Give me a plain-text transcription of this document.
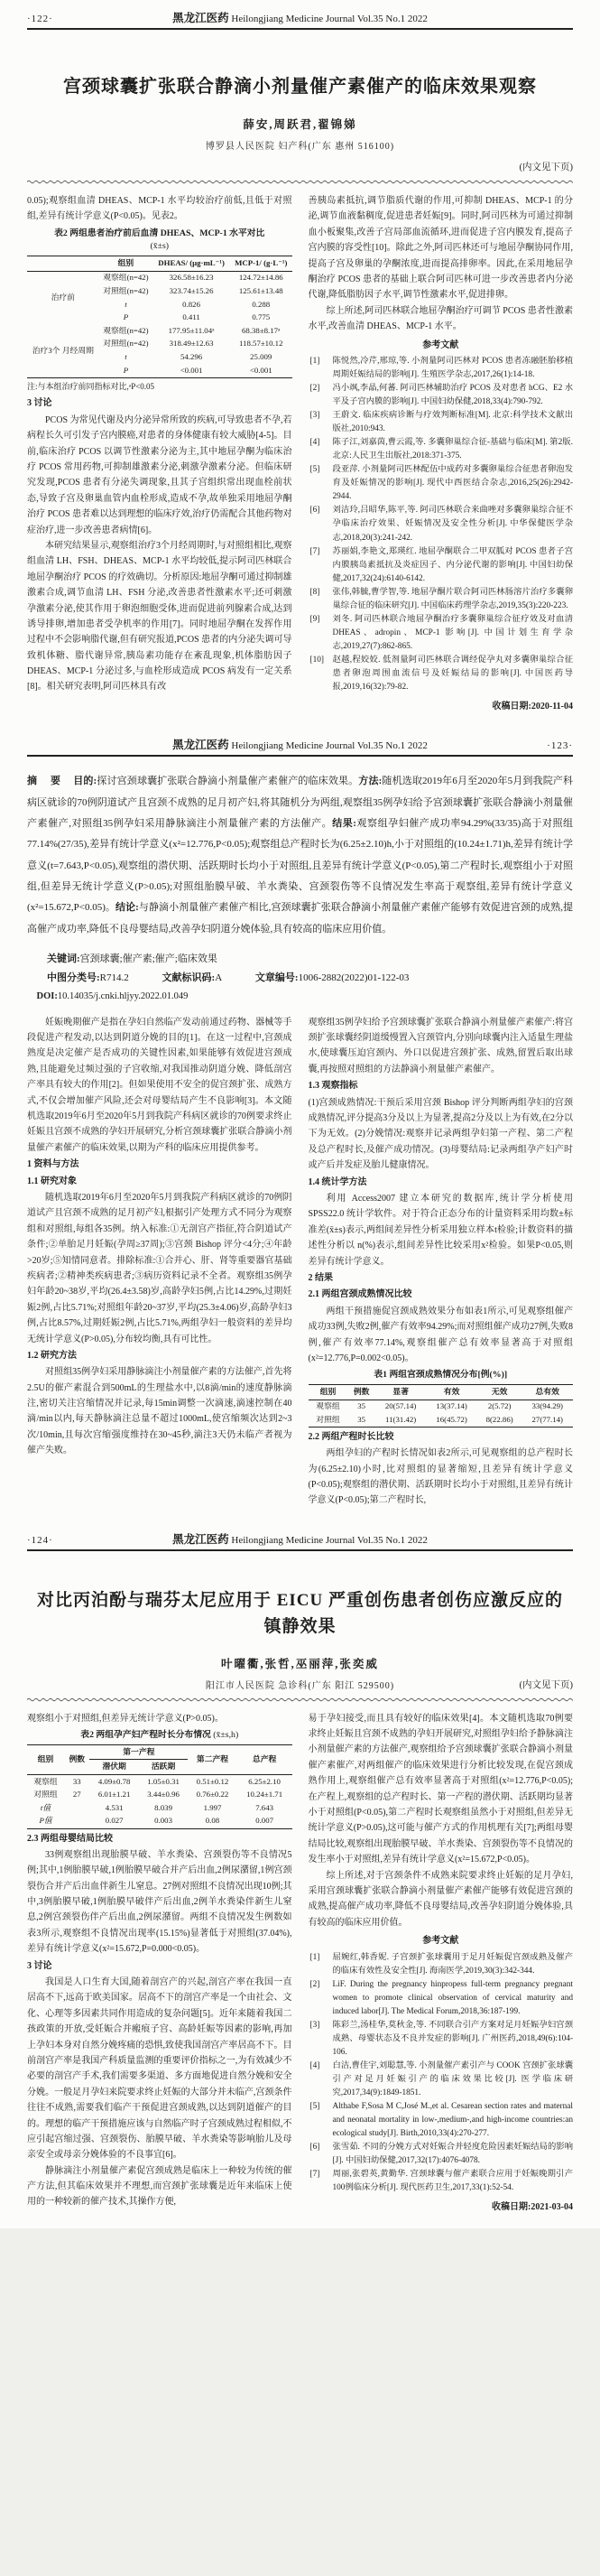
·122·	黑龙江医药 Heilongjiang Medicine Journal Vol.35 No.1 2022
宫颈球囊扩张联合静滴小剂量催产素催产的临床效果观察
薛安,周跃君,翟锦娣
博罗县人民医院 妇产科(广东 惠州 516100)
(内文见下页)

0.05);观察组血清 DHEAS、MCP-1 水平均较治疗前低,且低于对照组,差异有统计学意义(P<0.05)。见表2。

表2 两组患者治疗前后血清 DHEAS、MCP-1 水平对比
(x̄±s)
	组别	DHEAS/ (μg·mL⁻¹)	MCP-1/ (g·L⁻¹)
治疗前	观察组(n=42)	326.58±16.23	124.72±14.86
	对照组(n=42)	323.74±15.26	125.61±13.48
	t	0.826	0.288
	P	0.411	0.775
治疗3个 月经周期	观察组(n=42)	177.95±11.04ᵃ	68.38±8.17ᵃ
	对照组(n=42)	318.49±12.63	118.57±10.12
	t	54.296	25.009
	P	<0.001	<0.001
注:与本组治疗前同指标对比,ᵃP<0.05
3 讨论

PCOS 为常见代谢及内分泌异常所致的疾病,可导致患者不孕,若病程长久可引发子宫内膜癌,对患者的身体健康有较大威胁[4-5]。目前,临床治疗 PCOS 以调节性激素分泌为主,其中地屈孕酮为临床治疗 PCOS 常用药物,可抑制雄激素分泌,刺激孕激素分泌。但临床研究发现,PCOS 患者有分泌失调现象,且其子宫组织常出现血栓前状态,导致子宫及卵巢血管内血栓形成,造成不孕,故单独采用地屈孕酮治疗 PCOS 患者难以达到理想的临床疗效,治疗仍需配合其他药物对症治疗,进一步改善患者病情[6]。

本研究结果显示,观察组治疗3个月经周期时,与对照组相比,观察组血清 LH、FSH、DHEAS、MCP-1 水平均较低,提示阿司匹林联合地屈孕酮治疗 PCOS 的疗效确切。分析原因:地屈孕酮可通过抑制雄激素合成,调节血清 LH、FSH 分泌,改善患者性激素水平;还可刺激孕激素分泌,使其作用于卵泡细胞受体,进而促进前列腺素合成,达到诱导排卵,增加患者受孕机率的作用[7]。同时地屈孕酮在发挥作用过程中不会影响脂代谢,但有研究报道,PCOS 患者的内分泌失调可导致机体糖、脂代谢异常,胰岛素功能存在紊乱现象,机体脂肪因子 DHEAS、MCP-1 分泌过多,与血栓形成造成 PCOS 病发有一定关系[8]。相关研究表明,阿司匹林具有改

善胰岛素抵抗,调节脂质代谢的作用,可抑制 DHEAS、MCP-1 的分泌,调节血液黏稠度,促进患者妊娠[9]。同时,阿司匹林为可通过抑制血小板聚集,改善子宫局部血流循环,进而促进子宫内膜发育,提高子宫内膜的容受性[10]。除此之外,阿司匹林还可与地屈孕酮协同作用,提高子宫及卵巢的孕酮浓度,进而提高排卵率。因此,在采用地屈孕酮治疗 PCOS 患者的基础上联合阿司匹林可进一步改善患者内分泌代谢,降低脂肪因子水平,调节性激素水平,促进排卵。

综上所述,阿司匹林联合地屈孕酮治疗可调节 PCOS 患者性激素水平,改善血清 DHEAS、MCP-1 水平。

参考文献
[1] 陈悦然,冷芹,邢琼,等. 小剂量阿司匹林对 PCOS 患者冻融胚胎移植周期妊娠结局的影响[J]. 生殖医学杂志,2017,26(1):14-18.
[2] 冯小飒,李晶,何蕃. 阿司匹林辅助治疗 PCOS 及对患者 hCG、E2 水平及子宫内膜的影响[J]. 中国妇幼保健,2018,33(4):790-792.
[3] 王蔚文. 临床疾病诊断与疗效判断标准[M]. 北京:科学技术文献出版社,2010:943.
[4] 陈子江,刘嘉茵,曹云霞,等. 多囊卵巢综合征-基础与临床[M]. 第2版. 北京:人民卫生出版社,2018:371-375.
[5] 段亚萍. 小剂量阿司匹林配伍中成药对多囊卵巢综合征患者卵泡发育及妊娠情况的影响[J]. 现代中西医结合杂志,2016,25(26):2942-2944.
[6] 刘洁玲,吕昭华,陈平,等. 阿司匹林联合来曲唑对多囊卵巢综合征不孕临床治疗效果、妊娠情况及安全性分析[J]. 中华保健医学杂志,2018,20(3):241-242.
[7] 苏丽娟,李艳文,郑瑛红. 地屈孕酮联合二甲双胍对 PCOS 患者子宫内膜胰岛素抵抗及炎症因子、内分泌代谢的影响[J]. 中国妇幼保健,2017,32(24):6140-6142.
[8] 张伟,韩毓,曹学智,等. 地屈孕酮片联合阿司匹林肠溶片治疗多囊卵巢综合征的临床研究[J]. 中国临床药理学杂志,2019,35(3):220-223.
[9] 刘冬. 阿司匹林联合地屈孕酮治疗多囊卵巢综合征疗效及对血清 DHEAS、adropin、MCP-1 影响[J]. 中国计划生育学杂志,2019,27(7):862-865.
[10] 赵越,程姣姣. 低剂量阿司匹林联合调经促孕丸对多囊卵巢综合征患者卵泡周围血流信号及妊娠结局的影响[J]. 中国医药导报,2019,16(32):79-82.
收稿日期:2020-11-04
黑龙江医药 Heilongjiang Medicine Journal Vol.35 No.1 2022	·123·

摘 要 目的:探讨宫颈球囊扩张联合静滴小剂量催产素催产的临床效果。方法:随机选取2019年6月至2020年5月到我院产科病区就诊的70例阴道试产且宫颈不成熟的足月初产妇,将其随机分为两组,观察组35例孕妇给予宫颈球囊扩张联合静滴小剂量催产素催产,对照组35例孕妇采用静脉滴注小剂量催产素的方法催产。结果:观察组孕妇催产成功率94.29%(33/35)高于对照组77.14%(27/35),差异有统计学意义(x²=12.776,P<0.05);观察组总产程时长为(6.25±2.10)h,小于对照组的(10.24±1.71)h,差异有统计学意义(t=7.643,P<0.05),观察组的潜伏期、活跃期时长均小于对照组,且差异有统计学意义(P<0.05),第二产程时长,观察组小于对照组,但差异无统计学意义(P>0.05);对照组胎膜早破、羊水粪染、宫颈裂伤等不良情况发生率高于观察组,差异有统计学意义(x²=15.672,P<0.05)。结论:与静滴小剂量催产素催产相比,宫颈球囊扩张联合静滴小剂量催产素催产能够有效促进宫颈的成熟,提高催产成功率,降低不良母婴结局,改善孕妇阴道分娩体验,具有较高的临床应用价值。

关键词:宫颈球囊;催产素;催产;临床效果
中图分类号:R714.2	文献标识码:A	文章编号:1006-2882(2022)01-122-03
DOI:10.14035/j.cnki.hljyy.2022.01.049

妊娠晚期催产是指在孕妇自然临产发动前通过药物、器械等手段促进产程发动,以达到阴道分娩的目的[1]。在这一过程中,宫颈成熟度是决定催产是否成功的关键性因素,如果能够有效促进宫颈成熟,且能避免过频过强的子宫收缩,对我国推动阴道分娩、降低剖宫产率具有较大的作用[2]。但如果使用不安全的促宫颈扩张、成熟方式,不仅会增加催产风险,还会对母婴结局产生不良影响[3]。本文随机选取2019年6月至2020年5月到我院产科病区就诊的70例要求终止妊娠且宫颈不成熟的孕妇开展研究,分析宫颈球囊扩张联合静滴小剂量催产素催产的临床效果,以期为产科的临床应用提供参考。

1 资料与方法
1.1 研究对象

随机选取2019年6月至2020年5月到我院产科病区就诊的70例阴道试产且宫颈不成熟的足月初产妇,根据引产处理方式不同分为观察组和对照组,每组各35例。纳入标准:①无剖宫产指征,符合阴道试产条件;②单胎足月妊娠(孕周≥37周);③宫颈 Bishop 评分<4分;④年龄>20岁;⑤知情同意者。排除标准:①合并心、肝、肾等重要器官基础疾病者;②精神类疾病患者;③病历资料记录不全者。观察组35例孕妇年龄20~38岁,平均(26.4±3.58)岁,高龄孕妇5例,占比14.29%,过期妊娠2例,占比5.71%;对照组年龄20~37岁,平均(25.3±4.06)岁,高龄孕妇3例,占比8.57%,过期妊娠2例,占比5.71%,两组孕妇一般资料的差异均无统计学意义(P>0.05),分布较均衡,具有可比性。

1.2 研究方法

对照组35例孕妇采用静脉滴注小剂量催产素的方法催产,首先将2.5U的催产素混合到500mL的生理盐水中,以8滴/min的速度静脉滴注,密切关注宫缩情况并记录,每15min调整一次滴速,滴速控制在40滴/min以内,每天静脉滴注总量不超过1000mL,使宫缩频次达到2~3次/10min,且每次宫缩强度维持在30~45秒,滴注3天仍未临产者视为催产失败。

观察组35例孕妇给予宫颈球囊扩张联合静滴小剂量催产素催产:将宫颈扩张球囊经阴道缓慢置入宫颈管内,分别向球囊内注入适量生理盐水,使球囊压迫宫颈内、外口以促进宫颈扩张、成熟,留置后取出球囊,再按照对照组的方法静滴小剂量催产素催产。

1.3 观察指标

(1)宫颈成熟情况:干预后采用宫颈 Bishop 评分判断两组孕妇的宫颈成熟情况,评分提高3分及以上为显著,提高2分及以上为有效,在2分以下为无效。(2)分娩情况:观察并记录两组孕妇第一产程、第二产程及总产程时长,及催产成功情况。(3)母婴结局:记录两组孕产妇产时或产后并发症及胎儿健康情况。

1.4 统计学方法

利用 Access2007 建立本研究的数据库,统计学分析使用 SPSS22.0 统计学软件。对于符合正态分布的计量资料采用均数±标准差(x̄±s)表示,两组间差异性分析采用独立样本t检验;计数资料的描述性分析以 n(%)表示,组间差异性比较采用x²检验。如果P<0.05,则差异有统计学意义。

2 结果
2.1 两组宫颈成熟情况比较

两组干预措施促宫颈成熟效果分布如表1所示,可见观察组催产成功33例,失败2例,催产有效率94.29%;而对照组催产成功27例,失败8例,催产有效率77.14%,观察组催产总有效率显著高于对照组(x²=12.776,P=0.002<0.05)。

表1 两组宫颈成熟情况分布[例(%)]
组别	例数	显著	有效	无效	总有效
观察组	35	20(57.14)	13(37.14)	2(5.72)	33(94.29)
对照组	35	11(31.42)	16(45.72)	8(22.86)	27(77.14)
2.2 两组产程时长比较

两组孕妇的产程时长情况如表2所示,可见观察组的总产程时长为(6.25±2.10)小时,比对照组的显著缩短,且差异有统计学意义(P<0.05);观察组的潜伏期、活跃期时长均小于对照组,且差异有统计学意义(P<0.05);第二产程时长,

·124·	黑龙江医药 Heilongjiang Medicine Journal Vol.35 No.1 2022
对比丙泊酚与瑞芬太尼应用于 EICU 严重创伤患者创伤应激反应的镇静效果
叶曜衢,张哲,巫丽萍,张奕威
阳江市人民医院 急诊科(广东 阳江 529500)	(内文见下页)

观察组小于对照组,但差异无统计学意义(P>0.05)。

表2 两组孕产妇产程时长分布情况 (x̄±s,h)
组别	例数	第一产程		第二产程	总产程
		潜伏期	活跃期		
观察组	33	4.09±0.78	1.05±0.31	0.51±0.12	6.25±2.10
对照组	27	6.01±1.21	3.44±0.96	0.76±0.22	10.24±1.71
t值		4.531	8.039	1.997	7.643
P值		0.027	0.003	0.08	0.007
2.3 两组母婴结局比较

33例观察组出现胎膜早破、羊水粪染、宫颈裂伤等不良情况5例;其中,1例胎膜早破,1例胎膜早破合并产后出血,2例尿潴留,1例宫颈裂伤合并产后出血伴新生儿窒息。27例对照组不良情况出现10例;其中,3例胎膜早破,1例胎膜早破伴产后出血,2例羊水粪染伴新生儿窒息,2例宫颈裂伤伴产后出血,2例尿潴留。两组不良情况发生例数如表3所示,观察组不良情况出现率(15.15%)显著低于对照组(37.04%),差异有统计学意义(x²=15.672,P=0.000<0.05)。

3 讨论

我国是人口生育大国,随着剖宫产的兴起,剖宫产率在我国一直居高不下,远高于欧美国家。居高不下的剖宫产率是一个由社会、文化、心理等多因素共同作用造成的复杂问题[5]。近年来随着我国二孩政策的开放,受妊娠合并瘢痕子宫、高龄妊娠等因素的影响,再加上孕妇本身对自然分娩疼痛的恐惧,致使我国剖宫产率居高不下。目前剖宫产率是我国产科质量监测的重要评价指标之一,为有效减少不必要的剖宫产手术,我们需要多渠道、多方面地促进自然分娩和安全分娩。一般足月孕妇来院要求终止妊娠的大部分并未临产,宫颈条件往往不成熟,需要我们临产干预促进宫颈成熟,以达到阴道催产的目的。理想的临产干预措施应该与自然临产时子宫颈成熟过程相似,不应引起宫缩过强、宫颈裂伤、胎膜早破、羊水粪染等影响胎儿及母亲安全或母亲分娩体验的不良事宜[6]。

静脉滴注小剂量催产素促宫颈成熟是临床上一种较为传统的催产方法,但其临床效果并不理想,而宫颈扩张球囊是近年来临床上使用的一种较新的催产技术,其操作方便,

易于孕妇接受,而且具有较好的临床效果[4]。本文随机选取70例要求终止妊娠且宫颈不成熟的孕妇开展研究,对照组孕妇给予静脉滴注小剂量催产素的方法催产,观察组给予宫颈球囊扩张联合静滴小剂量催产素催产,对两组催产的临床效果进行分析比较发现,在促宫颈成熟作用上,观察组催产总有效率显著高于对照组(x²=12.776,P<0.05);在产程上,观察组的总产程时长、第一产程的潜伏期、活跃期均显著小于对照组(P<0.05),第二产程时长观察组虽然小于对照组,但差异无统计学意义(P>0.05),这可能与催产方式的作用机理有关[7];两组母婴结局比较,观察组出现胎膜早破、羊水粪染、宫颈裂伤等不良情况的发生率小于对照组,差异有统计学意义(x²=15.672,P<0.05)。

综上所述,对于宫颈条件不成熟来院要求终止妊娠的足月孕妇,采用宫颈球囊扩张联合静滴小剂量催产素催产能够有效促进宫颈的成熟,提高催产成功率,降低不良母婴结局,改善孕妇阴道分娩体验,具有较高的临床应用价值。

参考文献
[1] 屈婉红,韩香妮. 子宫颈扩张球囊用于足月妊娠促宫颈成熟及催产的临床有效性及安全性[J]. 海南医学,2019,30(3):342-344.
[2] LiF. During the pregnancy hinpropess full-term pregnancy pregnant women to promote clinical observation of cervical maturity and induced labor[J]. The Medical Forum,2018,36:187-199.
[3] 陈彩兰,汤桂华,莫秋金,等. 不同联合引产方案对足月妊娠孕妇宫颈成熟、母婴状态及不良并发症的影响[J]. 广州医药,2018,49(6):104-106.
[4] 白洁,曹佳宇,刘聪慧,等. 小剂量催产素引产与 COOK 宫颈扩张球囊引产对足月妊娠引产的临床效果比较[J]. 医学临床研究,2017,34(9):1849-1851.
[5] Althabe F,Sosa M C,José M.,et al. Cesarean section rates and maternal and neonatal mortality in low-,medium-,and high-income countries:an ecological study[J]. Birth,2010,33(4):270-277.
[6] 张雪茹. 不同的分娩方式对妊娠合并轻度危险因素妊娠结局的影响[J]. 中国妇幼保健,2017,32(17):4076-4078.
[7] 周丽,张碧英,黄勤华. 宫颈球囊与催产素联合应用于妊娠晚期引产100例临床分析[J]. 现代医药卫生,2017,33(1):52-54.
收稿日期:2021-03-04
